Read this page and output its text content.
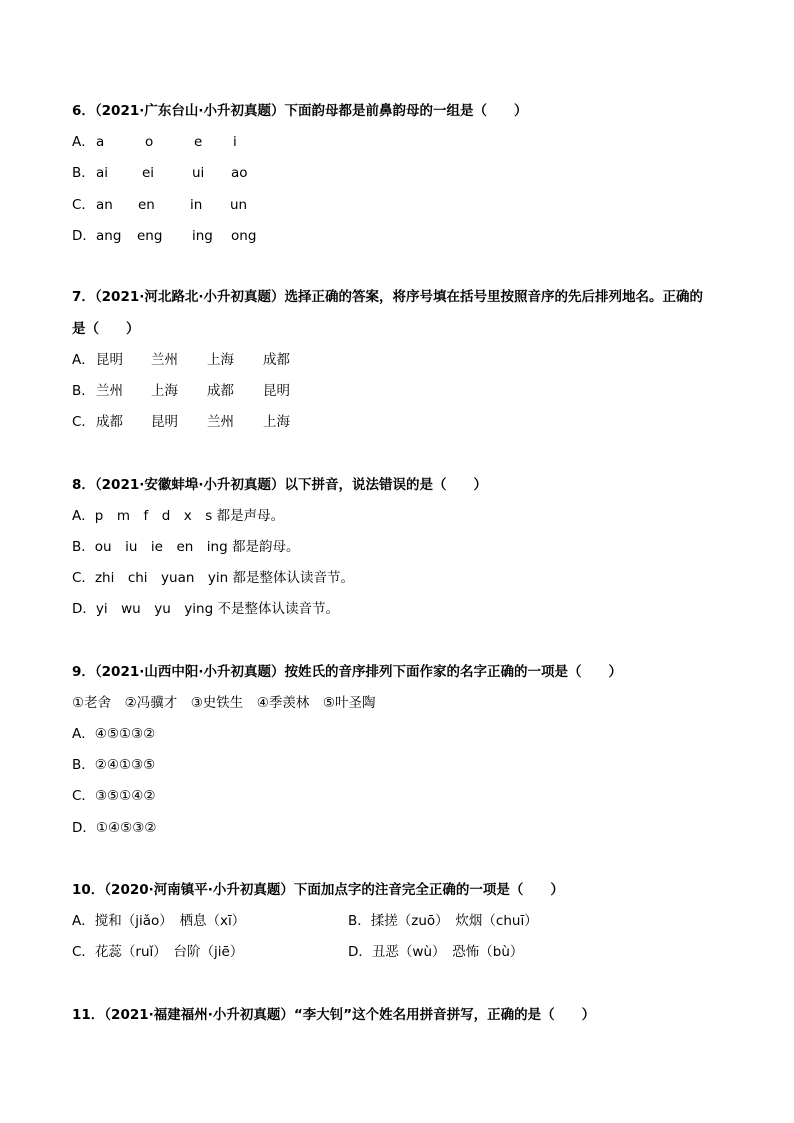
6．（2021·广东台山·小升初真题）下面韵母都是前鼻韵母的一组是（　　）
A． a	o	e i
B． ai	ei	ui ao
C． an en	in un
D． ang eng ing ong
7．（2021·河北路北·小升初真题）选择正确的答案，将序号填在括号里按照音序的先后排列地名。正确的
是（　　）
A． 昆明 兰州 上海 成都
B． 兰州 上海 成都 昆明
C． 成都 昆明 兰州 上海
8．（2021·安徽蚌埠·小升初真题）以下拼音，说法错误的是（　　）
A．p　m　f　d　x　s 都是声母。
B．ou　iu　ie　en　ing 都是韵母。
C．zhi　chi　yuan　yin 都是整体认读音节。
D．yi　wu　yu　ying 不是整体认读音节。
9．（2021·山西中阳·小升初真题）按姓氏的音序排列下面作家的名字正确的一项是（　　）
①老舍　②冯骥才　③史铁生　④季羡林　⑤叶圣陶
A．④⑤①③②
B．②④①③⑤
C．③⑤①④②
D．①④⑤③②
10．（2020·河南镇平·小升初真题）下面加点字的注音完全正确的一项是（　　）
A．搅和（jiǎo）　栖息（xī）	B．揉搓（zuō）　炊烟（chuī）
C．花蕊（ruǐ）　台阶（jiē）	D．丑恶（wù）　恐怖（bù）
11．（2021·福建福州·小升初真题）“李大钊”这个姓名用拼音拼写，正确的是（　　）
